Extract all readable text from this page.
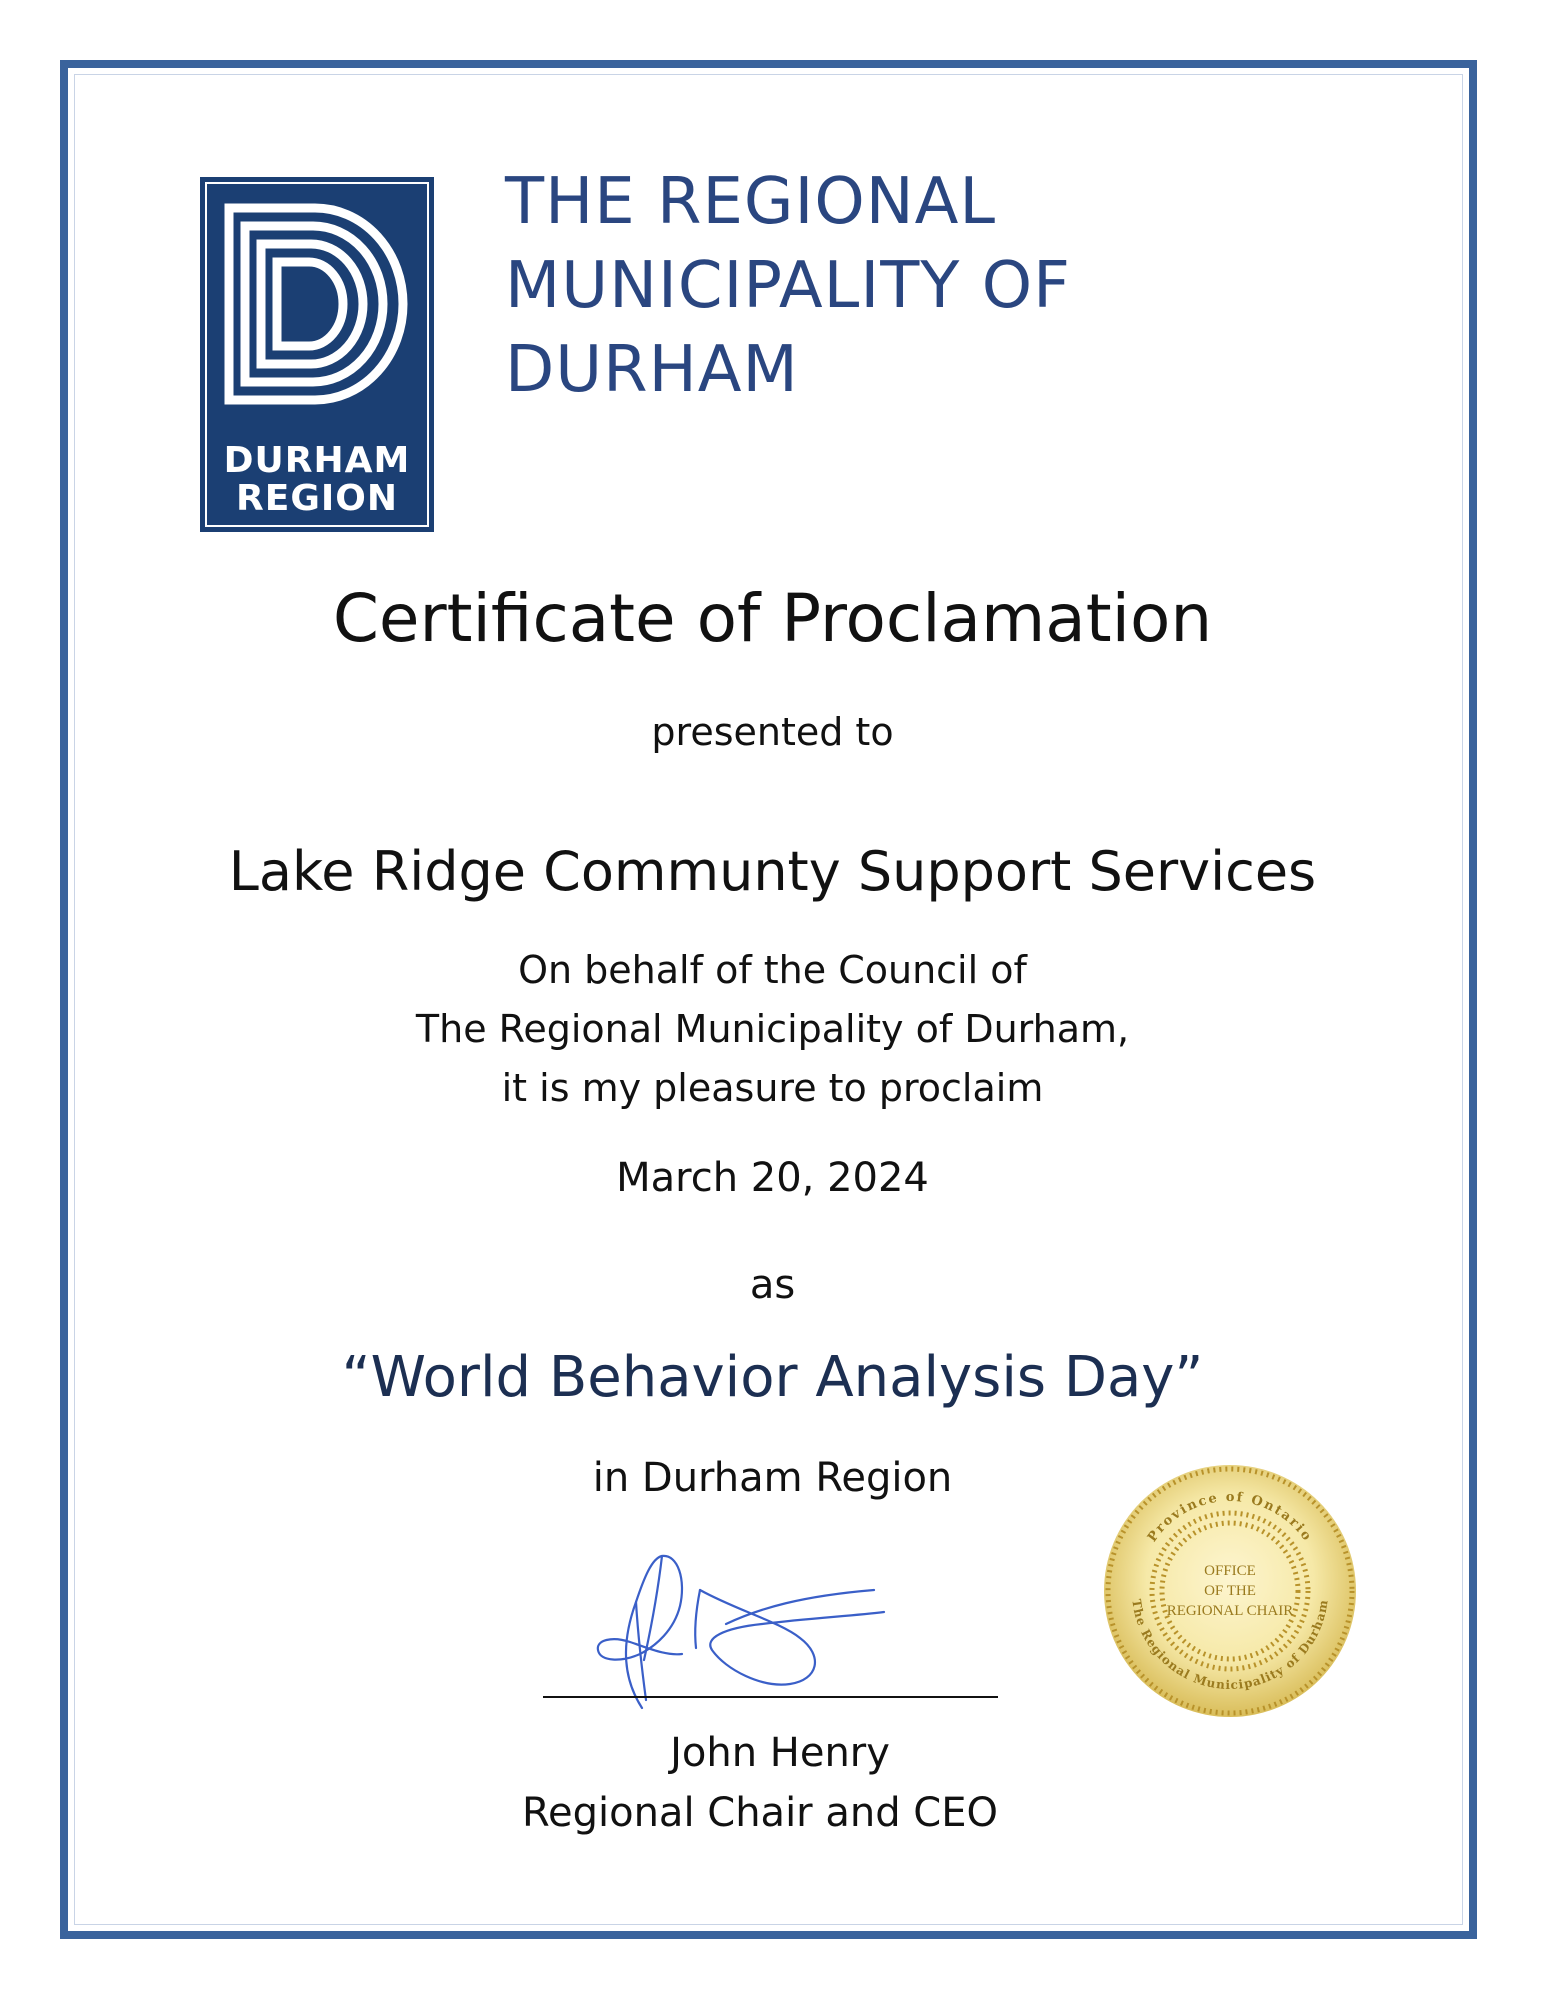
DURHAM
REGION
THE REGIONAL
MUNICIPALITY OF
DURHAM
Certificate of Proclamation
presented to
Lake Ridge Communty Support Services
On behalf of the Council of
The Regional Municipality of Durham,
it is my pleasure to proclaim
March 20, 2024
as
“World Behavior Analysis Day”
in Durham Region
John Henry
Regional Chair and CEO
Province of Ontario
The Regional Municipality of Durham
OFFICE
OF THE
REGIONAL CHAIR
